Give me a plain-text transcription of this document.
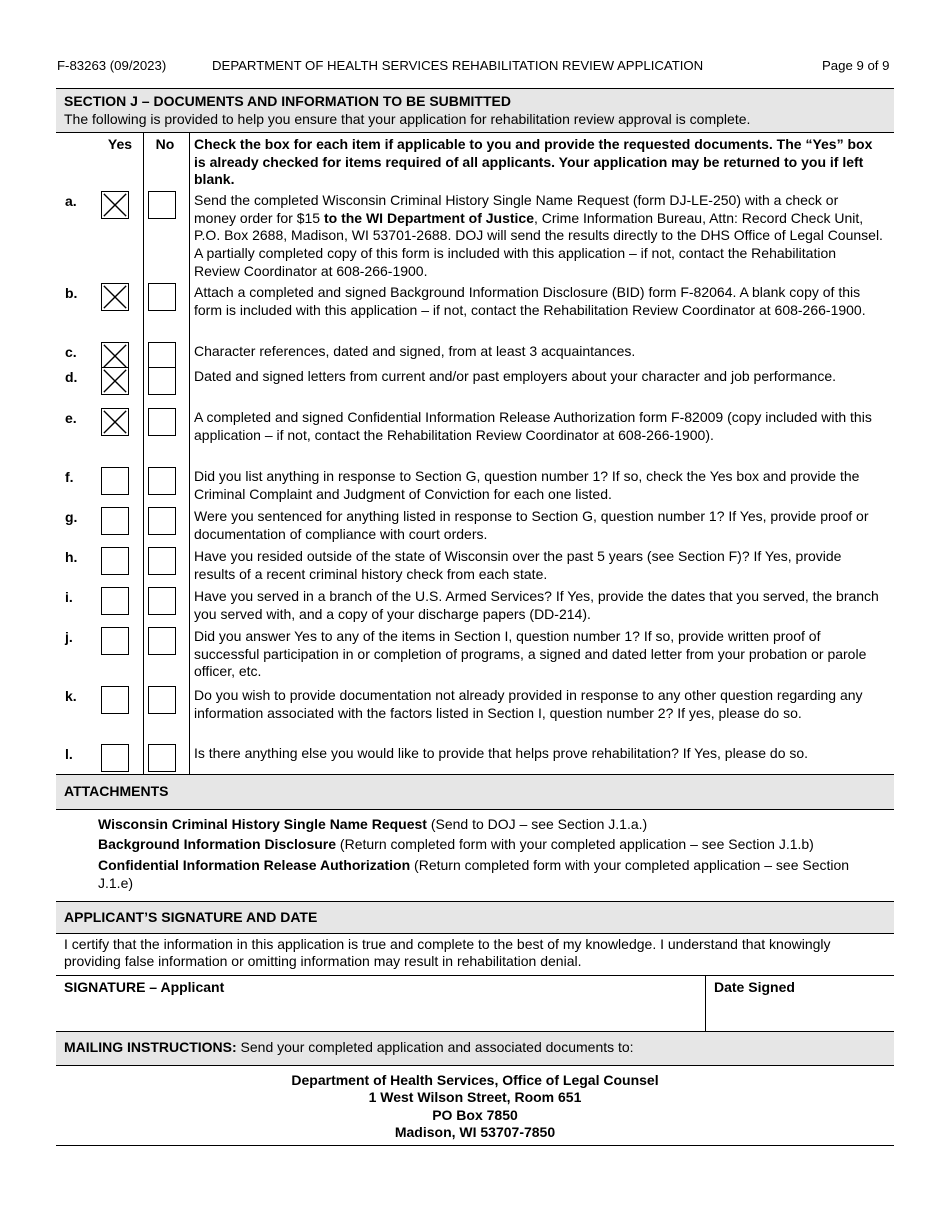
F-83263 (09/2023)	DEPARTMENT OF HEALTH SERVICES REHABILITATION REVIEW APPLICATION	Page 9 of 9
SECTION J – DOCUMENTS AND INFORMATION TO BE SUBMITTED
The following is provided to help you ensure that your application for rehabilitation review approval is complete.
Yes	No	Check the box for each item if applicable to you and provide the requested documents. The “Yes” box is already checked for items required of all applicants. Your application may be returned to you if left blank.
a.	Send the completed Wisconsin Criminal History Single Name Request (form DJ-LE-250) with a check or money order for $15 to the WI Department of Justice, Crime Information Bureau, Attn: Record Check Unit, P.O. Box 2688, Madison, WI 53701-2688. DOJ will send the results directly to the DHS Office of Legal Counsel. A partially completed copy of this form is included with this application – if not, contact the Rehabilitation Review Coordinator at 608-266-1900.
b.	Attach a completed and signed Background Information Disclosure (BID) form F-82064. A blank copy of this form is included with this application – if not, contact the Rehabilitation Review Coordinator at 608-266-1900.
c.	Character references, dated and signed, from at least 3 acquaintances.
d.	Dated and signed letters from current and/or past employers about your character and job performance.
e.	A completed and signed Confidential Information Release Authorization form F-82009 (copy included with this application – if not, contact the Rehabilitation Review Coordinator at 608-266-1900).
f.	Did you list anything in response to Section G, question number 1? If so, check the Yes box and provide the Criminal Complaint and Judgment of Conviction for each one listed.
g.	Were you sentenced for anything listed in response to Section G, question number 1? If Yes, provide proof or documentation of compliance with court orders.
h.	Have you resided outside of the state of Wisconsin over the past 5 years (see Section F)? If Yes, provide results of a recent criminal history check from each state.
i.	Have you served in a branch of the U.S. Armed Services? If Yes, provide the dates that you served, the branch you served with, and a copy of your discharge papers (DD-214).
j.	Did you answer Yes to any of the items in Section I, question number 1? If so, provide written proof of successful participation in or completion of programs, a signed and dated letter from your probation or parole officer, etc.
k.	Do you wish to provide documentation not already provided in response to any other question regarding any information associated with the factors listed in Section I, question number 2? If yes, please do so.
l.	Is there anything else you would like to provide that helps prove rehabilitation? If Yes, please do so.
ATTACHMENTS

Wisconsin Criminal History Single Name Request (Send to DOJ – see Section J.1.a.)

Background Information Disclosure (Return completed form with your completed application – see Section J.1.b)

Confidential Information Release Authorization (Return completed form with your completed application – see Section J.1.e)

APPLICANT’S SIGNATURE AND DATE
I certify that the information in this application is true and complete to the best of my knowledge. I understand that knowingly providing false information or omitting information may result in rehabilitation denial.
SIGNATURE – Applicant	Date Signed
MAILING INSTRUCTIONS: Send your completed application and associated documents to:
Department of Health Services, Office of Legal Counsel
1 West Wilson Street, Room 651
PO Box 7850
Madison, WI 53707-7850
